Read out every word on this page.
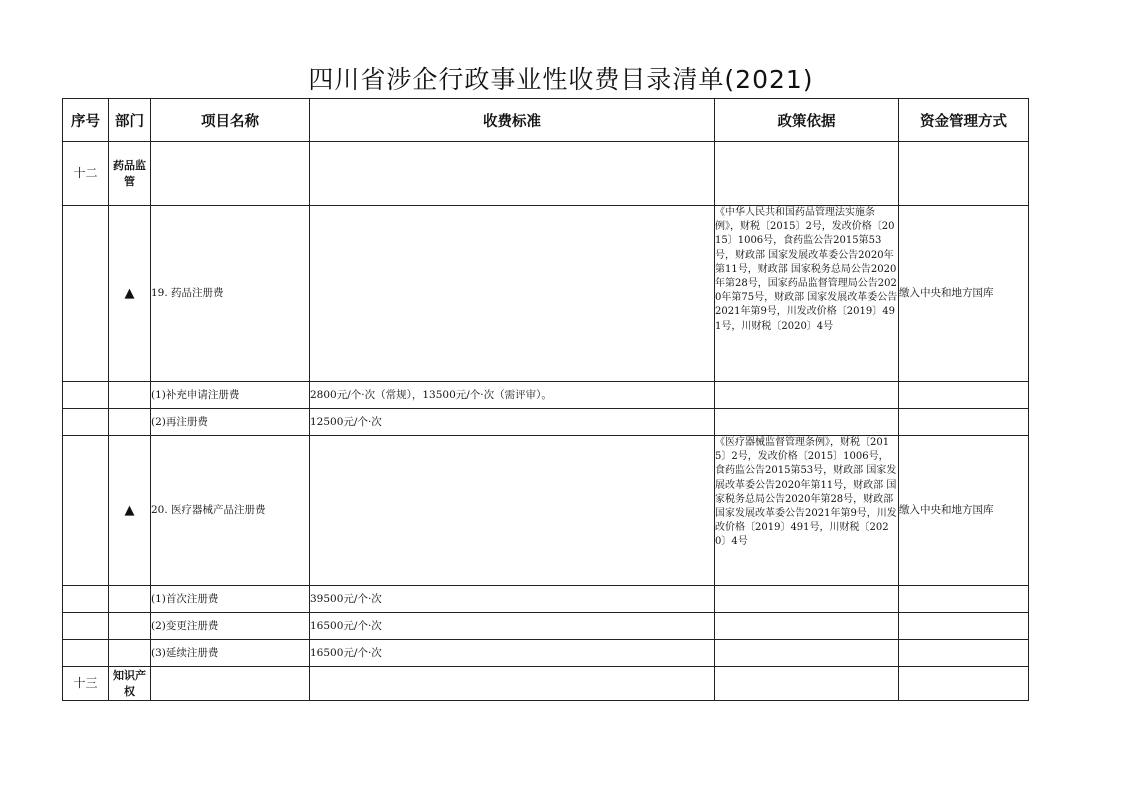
四川省涉企行政事业性收费目录清单(2021)
序号	部门	项目名称	收费标准	政策依据	资金管理方式
十二	药品监管				
	▲	19. 药品注册费		《中华人民共和国药品管理法实施条例》，财税〔2015〕2号，发改价格〔2015〕1006号，食药监公告2015第53号，财政部 国家发展改革委公告2020年第11号，财政部 国家税务总局公告2020年第28号，国家药品监督管理局公告2020年第75号，财政部 国家发展改革委公告2021年第9号，川发改价格〔2019〕491号，川财税〔2020〕4号	缴入中央和地方国库
		(1)补充申请注册费	2800元/个·次（常规），13500元/个·次（需评审）。		
		(2)再注册费	12500元/个·次		
	▲	20. 医疗器械产品注册费		《医疗器械监督管理条例》，财税〔2015〕2号，发改价格〔2015〕1006号，食药监公告2015第53号，财政部 国家发展改革委公告2020年第11号，财政部 国家税务总局公告2020年第28号，财政部 国家发展改革委公告2021年第9号，川发改价格〔2019〕491号，川财税〔2020〕4号	缴入中央和地方国库
		(1)首次注册费	39500元/个·次		
		(2)变更注册费	16500元/个·次		
		(3)延续注册费	16500元/个·次		
十三	知识产权				
